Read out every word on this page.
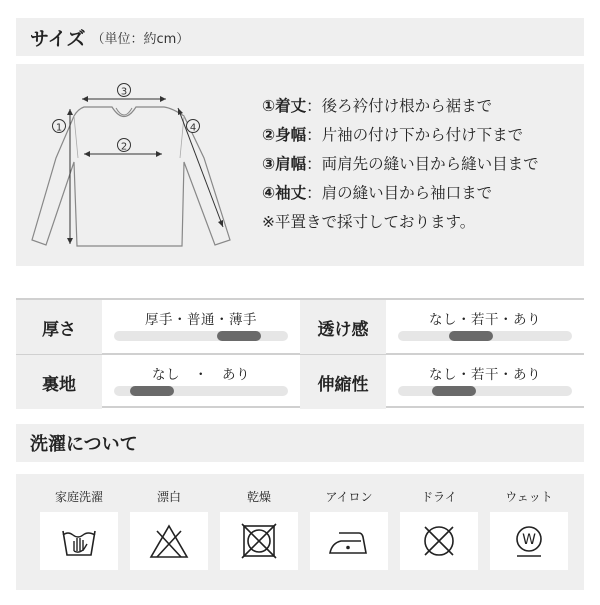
サイズ （単位：約cm）
3
1
2
4
①着丈：後ろ衿付け根から裾まで
②身幅：片袖の付け下から付け下まで
③肩幅：両肩先の縫い目から縫い目まで
④袖丈：肩の縫い目から袖口まで
※平置きで採寸しております。
厚さ	厚手・普通・薄手	透け感	なし・若干・あり
裏地	なし　・　あり	伸縮性	なし・若干・あり
洗濯について
家庭洗濯	漂白	乾燥	アイロン	ドライ	ウェット
W
